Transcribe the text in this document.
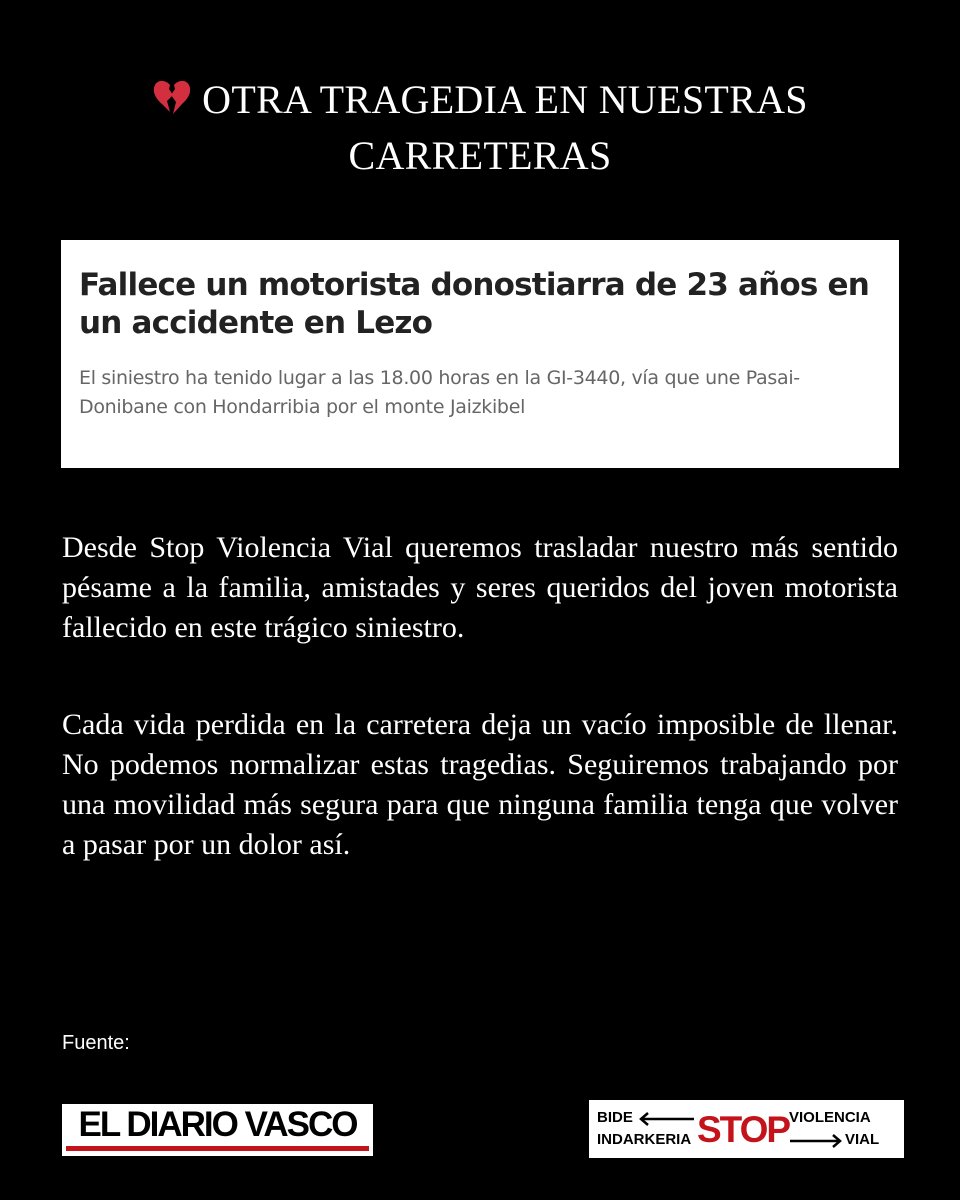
OTRA TRAGEDIA EN NUESTRAS CARRETERAS

Fallece un motorista donostiarra de 23 años en un accidente en Lezo

El siniestro ha tenido lugar a las 18.00 horas en la GI-3440, vía que une Pasai-Donibane con Hondarribia por el monte Jaizkibel

Desde Stop Violencia Vial queremos trasladar nuestro más sentido pésame a la familia, amistades y seres queridos del joven motorista fallecido en este trágico siniestro.

Cada vida perdida en la carretera deja un vacío imposible de llenar. No podemos normalizar estas tragedias. Seguiremos trabajando por una movilidad más segura para que ninguna familia tenga que volver a pasar por un dolor así.

Fuente:
EL DIARIO VASCO	BIDE
INDARKERIA STOP VIOLENCIA
VIAL
